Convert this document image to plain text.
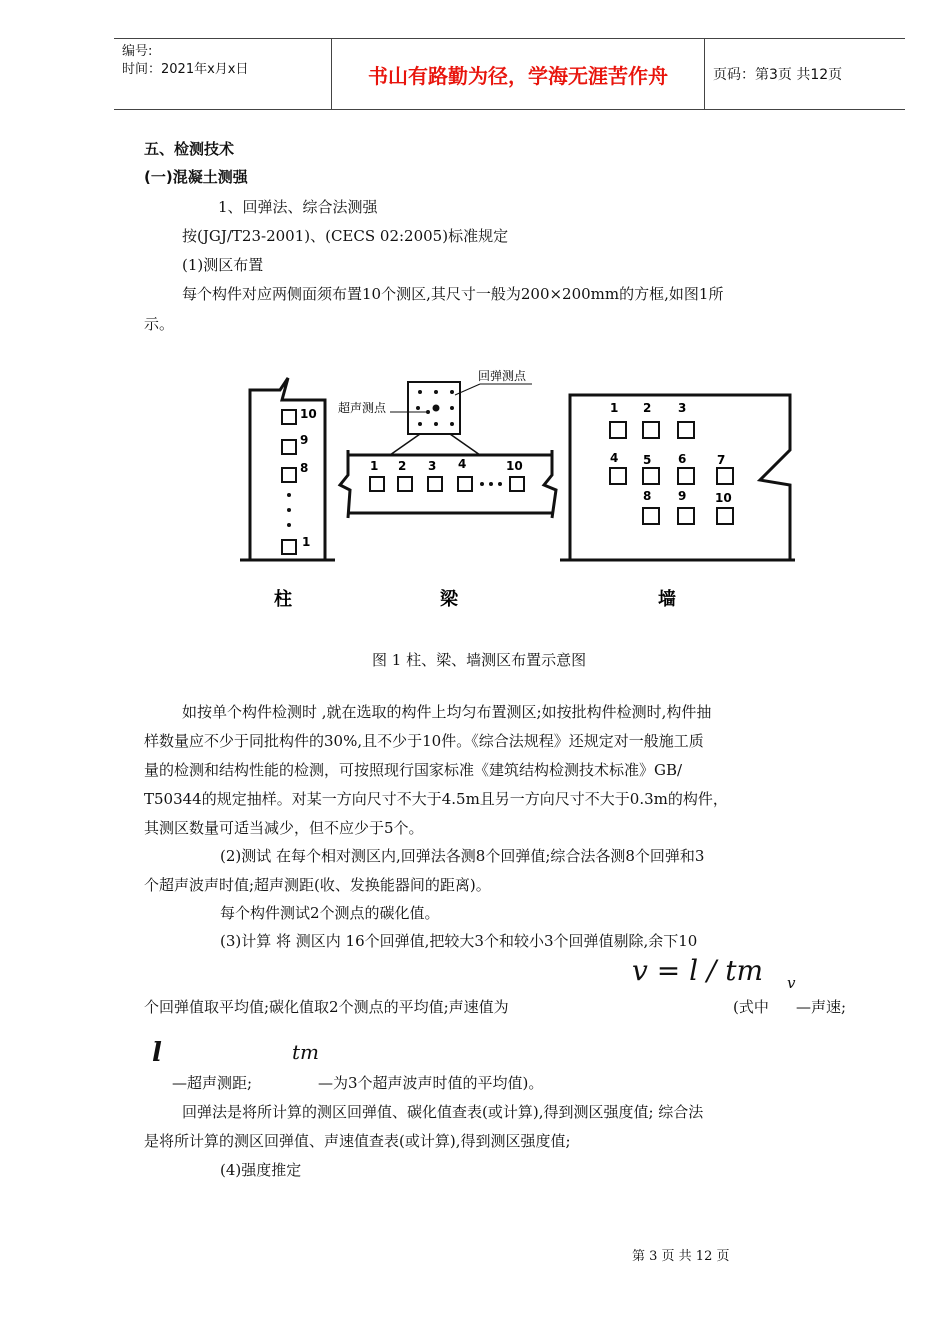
编号:
时间：2021年x月x日	书山有路勤为径，学海无涯苦作舟	页码：第3页 共12页
五、检测技术
(一)混凝土测强
1、回弹法、综合法测强
按(JGJ/T23-2001)、(CECS 02:2005)标准规定
(1)测区布置
每个构件对应两侧面须布置10个测区,其尺寸一般为200×200mm的方框,如图1所
示。
10
9
8
1
回弹测点
超声测点
1 2 3 4	10
1 2 3
4 5 6	7
8 9 10
柱	梁	墙
图 1 柱、梁、墙测区布置示意图
如按单个构件检测时 ,就在选取的构件上均匀布置测区;如按批构件检测时,构件抽
样数量应不少于同批构件的30%,且不少于10件。《综合法规程》还规定对一般施工质
量的检测和结构性能的检测，可按照现行国家标准《建筑结构检测技术标准》GB/
T50344的规定抽样。对某一方向尺寸不大于4.5m且另一方向尺寸不大于0.3m的构件，
其测区数量可适当减少，但不应少于5个。
(2)测试 在每个相对测区内,回弹法各测8个回弹值;综合法各测8个回弹和3
个超声波声时值;超声测距(收、发换能器间的距离)。
每个构件测试2个测点的碳化值。
(3)计算 将 测区内 16个回弹值,把较大3个和较小3个回弹值剔除,余下10
v = l / tm v
个回弹值取平均值;碳化值取2个测点的平均值;声速值为	(式中 —声速;
l	tm
—超声测距;	—为3个超声波声时值的平均值)。
回弹法是将所计算的测区回弹值、碳化值查表(或计算),得到测区强度值; 综合法
是将所计算的测区回弹值、声速值查表(或计算),得到测区强度值;
(4)强度推定
第 3 页 共 12 页
